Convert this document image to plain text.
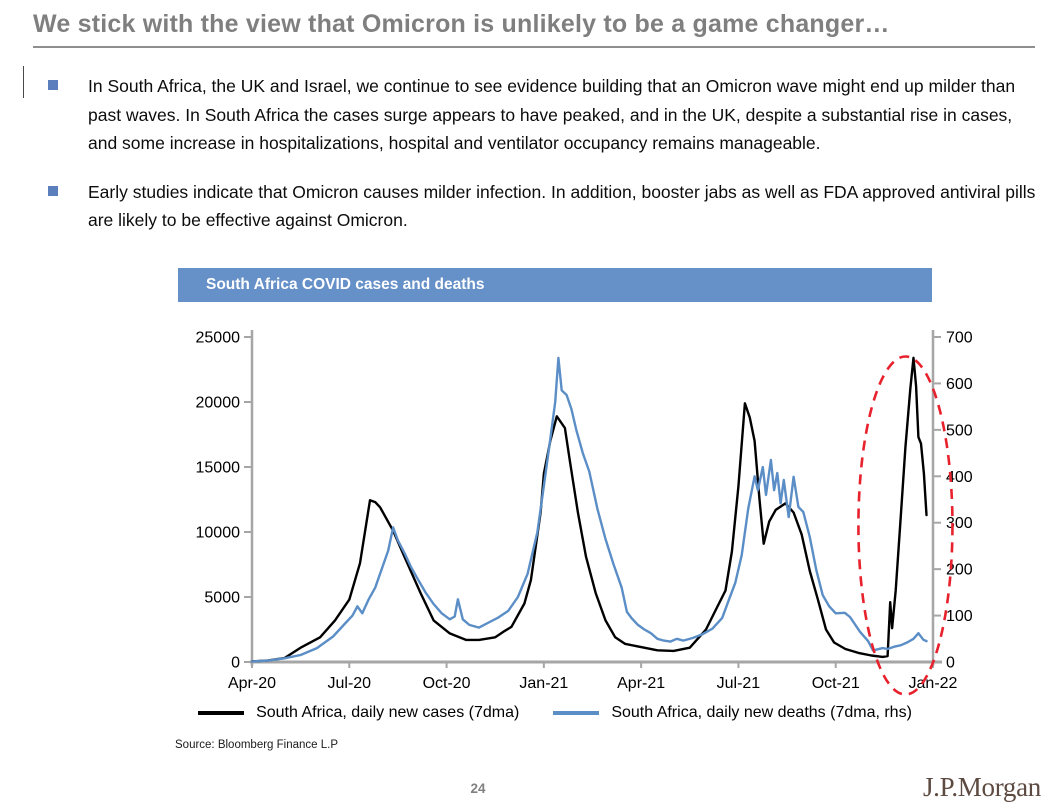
We stick with the view that Omicron is unlikely to be a game changer…

In South Africa, the UK and Israel, we continue to see evidence building that an Omicron wave might end up milder than past waves. In South Africa the cases surge appears to have peaked, and in the UK, despite a substantial rise in cases, and some increase in hospitalizations, hospital and ventilator occupancy remains manageable.

Early studies indicate that Omicron causes milder infection. In addition, booster jabs as well as FDA approved antiviral pills are likely to be effective against Omicron.

South Africa COVID cases and deaths
0
5000
10000
15000
20000
25000
0
100
200
300
400
500
600
700
Apr-20	Jul-20	Oct-20	Jan-21	Apr-21	Jul-21	Oct-21	Jan-22
South Africa, daily new cases (7dma)	South Africa, daily new deaths (7dma, rhs)
Source: Bloomberg Finance L.P
24	J.P.Morgan
